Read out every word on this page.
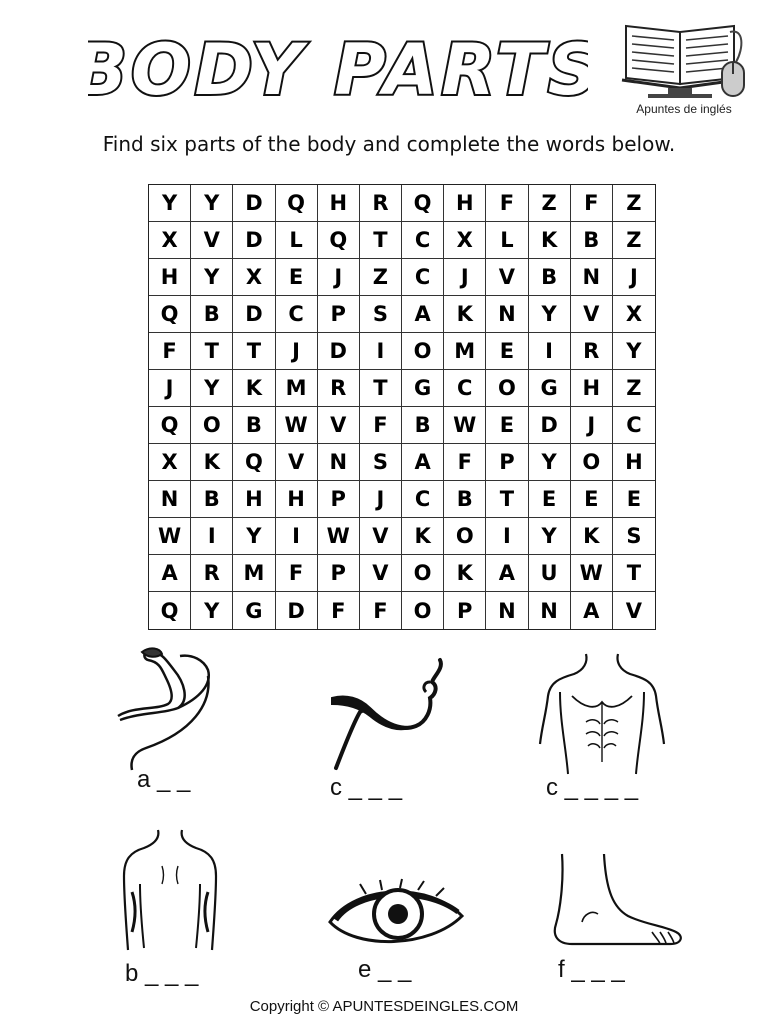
BODY PARTS	Apuntes de inglés
Find six parts of the body and complete the words below.
Y	Y	D	Q	H	R	Q	H	F	Z	F	Z
X	V	D	L	Q	T	C	X	L	K	B	Z
H	Y	X	E	J	Z	C	J	V	B	N	J
Q	B	D	C	P	S	A	K	N	Y	V	X
F	T	T	J	D	I	O	M	E	I	R	Y
J	Y	K	M	R	T	G	C	O	G	H	Z
Q	O	B	W	V	F	B	W	E	D	J	C
X	K	Q	V	N	S	A	F	P	Y	O	H
N	B	H	H	P	J	C	B	T	E	E	E
W	I	Y	I	W	V	K	O	I	Y	K	S
A	R	M	F	P	V	O	K	A	U	W	T
Q	Y	G	D	F	F	O	P	N	N	A	V
a _ _	c _ _ _	c _ _ _ _
b _ _ _	e _ _	f _ _ _
Copyright © APUNTESDEINGLES.COM
